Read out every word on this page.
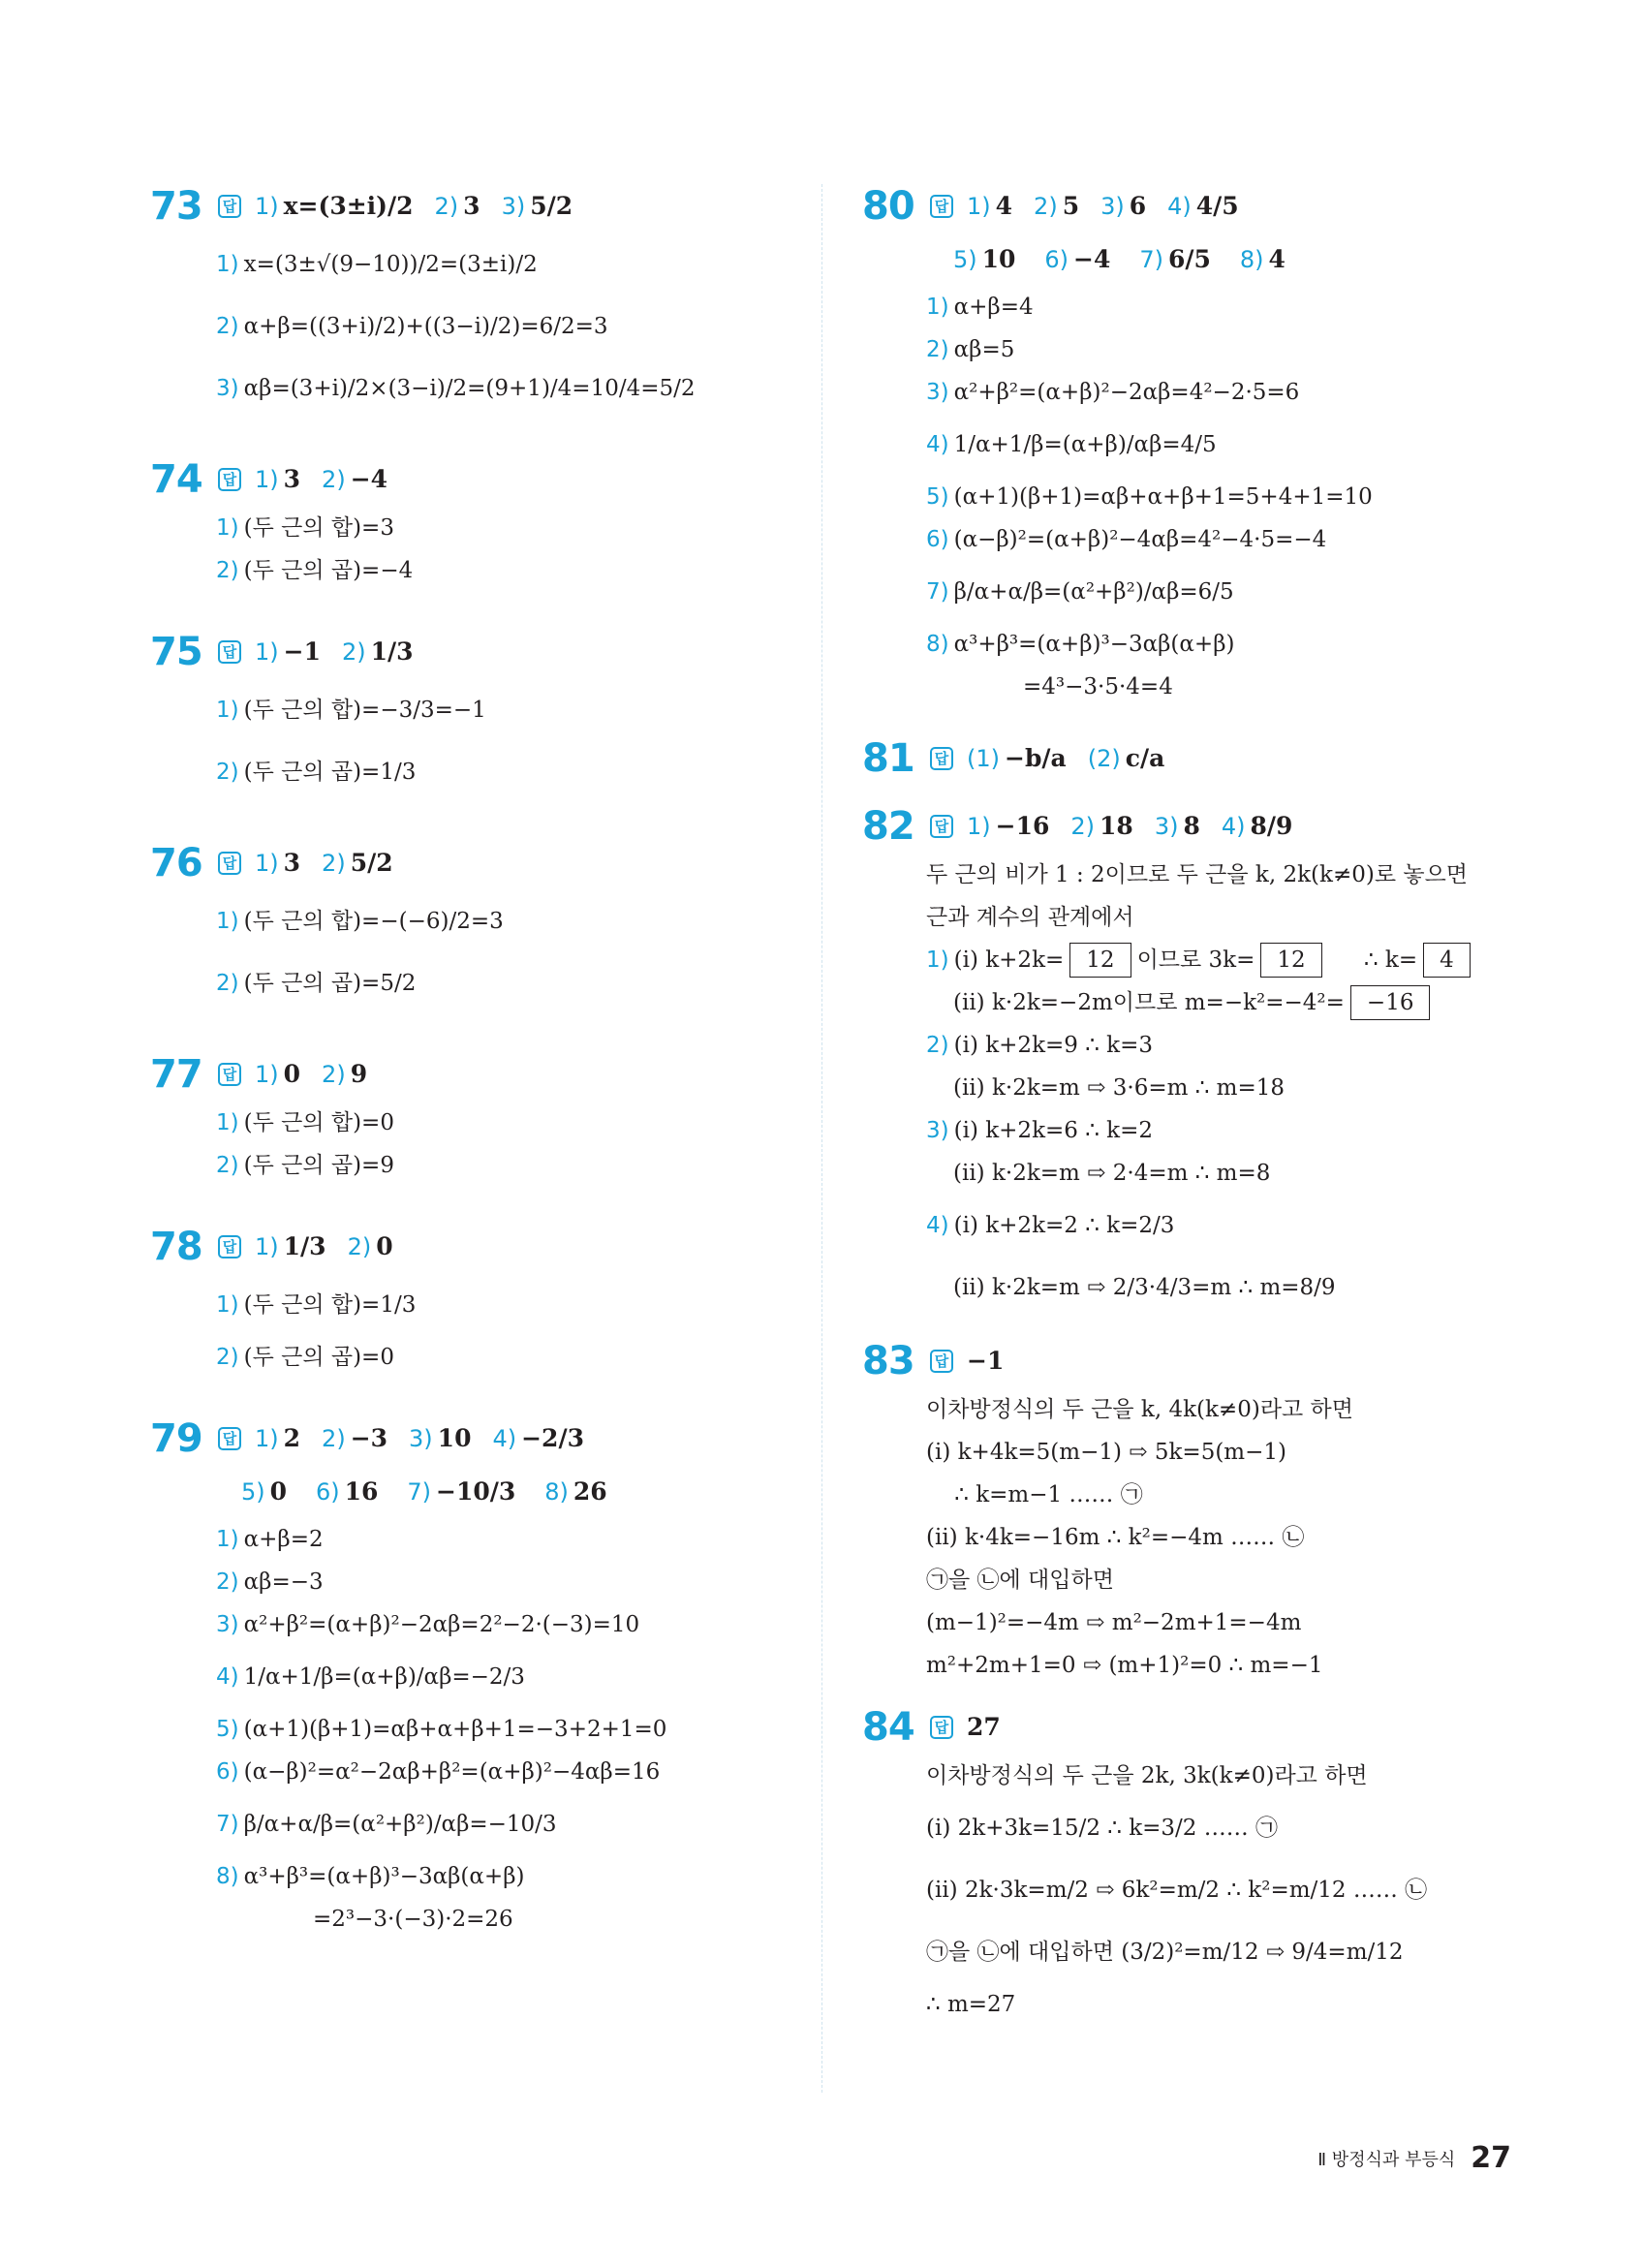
73	답 1) x=(3±i)/2 2) 3 3) 5/2
1) x=(3±√(9−10))/2=(3±i)/2
2) α+β=((3+i)/2)+((3−i)/2)=6/2=3
3) αβ=(3+i)/2×(3−i)/2=(9+1)/4=10/4=5/2
74	답 1) 3 2) −4
1) (두 근의 합)=3
2) (두 근의 곱)=−4
75	답 1) −1 2) 1/3
1) (두 근의 합)=−3/3=−1
2) (두 근의 곱)=1/3
76	답 1) 3 2) 5/2
1) (두 근의 합)=−(−6)/2=3
2) (두 근의 곱)=5/2
77	답 1) 0 2) 9
1) (두 근의 합)=0
2) (두 근의 곱)=9
78	답 1) 1/3 2) 0
1) (두 근의 합)=1/3
2) (두 근의 곱)=0
79	답 1) 2 2) −3 3) 10 4) −2/3
5) 0 6) 16 7) −10/3 8) 26
1) α+β=2
2) αβ=−3
3) α²+β²=(α+β)²−2αβ=2²−2·(−3)=10
4) 1/α+1/β=(α+β)/αβ=−2/3
5) (α+1)(β+1)=αβ+α+β+1=−3+2+1=0
6) (α−β)²=α²−2αβ+β²=(α+β)²−4αβ=16
7) β/α+α/β=(α²+β²)/αβ=−10/3
8) α³+β³=(α+β)³−3αβ(α+β)
=2³−3·(−3)·2=26
80	답 1) 4 2) 5 3) 6 4) 4/5
5) 10 6) −4 7) 6/5 8) 4
1) α+β=4
2) αβ=5
3) α²+β²=(α+β)²−2αβ=4²−2·5=6
4) 1/α+1/β=(α+β)/αβ=4/5
5) (α+1)(β+1)=αβ+α+β+1=5+4+1=10
6) (α−β)²=(α+β)²−4αβ=4²−4·5=−4
7) β/α+α/β=(α²+β²)/αβ=6/5
8) α³+β³=(α+β)³−3αβ(α+β)
=4³−3·5·4=4
81	답 (1) −b/a (2) c/a
82	답 1) −16 2) 18 3) 8 4) 8/9
두 근의 비가 1 : 2이므로 두 근을 k, 2k(k≠0)로 놓으면
근과 계수의 관계에서
1) (ⅰ) k+2k= 12 이므로 3k= 12	∴ k= 4
(ⅱ) k·2k=−2m이므로 m=−k²=−4²= −16
2) (ⅰ) k+2k=9 ∴ k=3
(ⅱ) k·2k=m ⇨ 3·6=m ∴ m=18
3) (ⅰ) k+2k=6 ∴ k=2
(ⅱ) k·2k=m ⇨ 2·4=m ∴ m=8
4) (ⅰ) k+2k=2 ∴ k=2/3
(ⅱ) k·2k=m ⇨ 2/3·4/3=m ∴ m=8/9
83	답 −1
이차방정식의 두 근을 k, 4k(k≠0)라고 하면
(ⅰ) k+4k=5(m−1) ⇨ 5k=5(m−1)
∴ k=m−1 …… ㉠
(ⅱ) k·4k=−16m ∴ k²=−4m …… ㉡
㉠을 ㉡에 대입하면
(m−1)²=−4m ⇨ m²−2m+1=−4m
m²+2m+1=0 ⇨ (m+1)²=0 ∴ m=−1
84	답 27
이차방정식의 두 근을 2k, 3k(k≠0)라고 하면
(ⅰ) 2k+3k=15/2 ∴ k=3/2 …… ㉠
(ⅱ) 2k·3k=m/2 ⇨ 6k²=m/2 ∴ k²=m/12 …… ㉡
㉠을 ㉡에 대입하면 (3/2)²=m/12 ⇨ 9/4=m/12
∴ m=27
Ⅱ 방정식과 부등식 27
